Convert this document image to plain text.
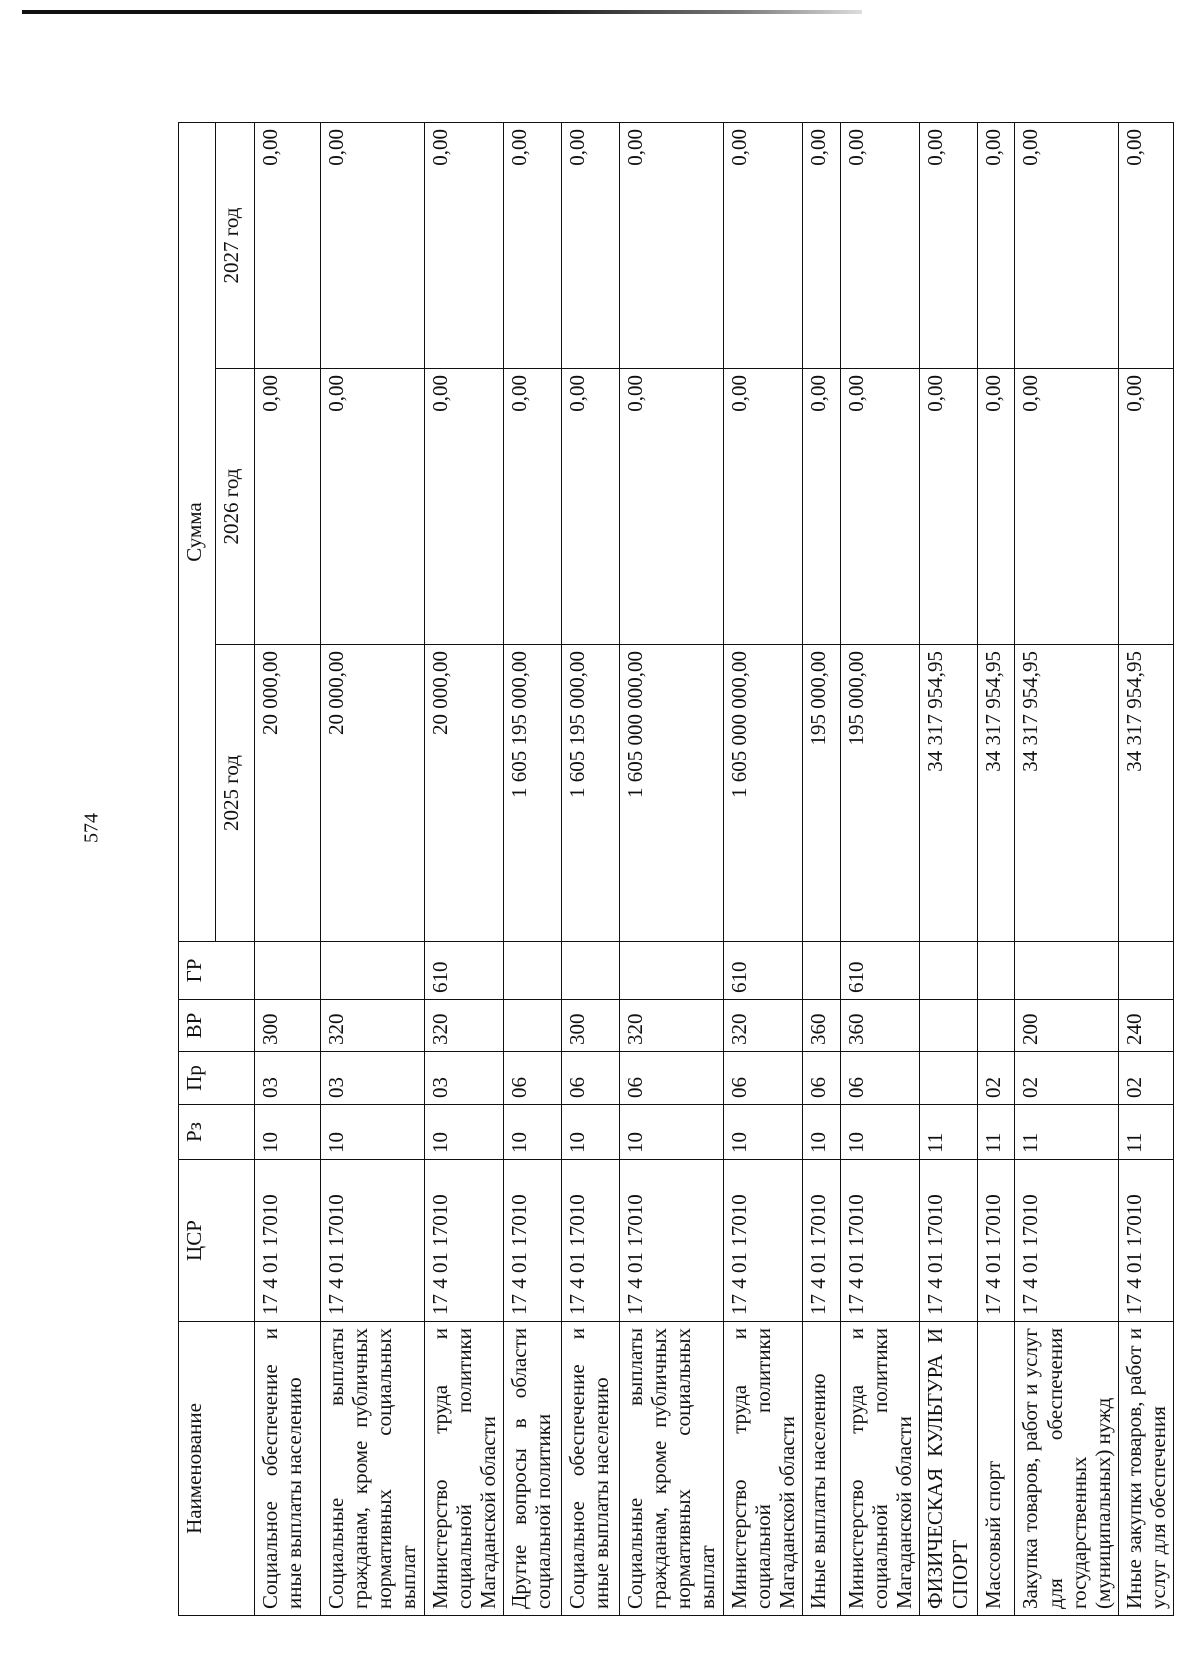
574
Наименование	ЦСР	Рз	Пр	ВР	ГР	Сумма		
						2025 год	2026 год	2027 год
Социальное обеспечение и иные выплаты населению	17 4 01 17010	10	03	300		20 000,00	0,00	0,00
Социальные выплаты гражданам, кроме публичных нормативных социальных выплат	17 4 01 17010	10	03	320		20 000,00	0,00	0,00
Министерство труда и социальной политики Магаданской области	17 4 01 17010	10	03	320	610	20 000,00	0,00	0,00
Другие вопросы в области социальной политики	17 4 01 17010	10	06			1 605 195 000,00	0,00	0,00
Социальное обеспечение и иные выплаты населению	17 4 01 17010	10	06	300		1 605 195 000,00	0,00	0,00
Социальные выплаты гражданам, кроме публичных нормативных социальных выплат	17 4 01 17010	10	06	320		1 605 000 000,00	0,00	0,00
Министерство труда и социальной политики Магаданской области	17 4 01 17010	10	06	320	610	1 605 000 000,00	0,00	0,00
Иные выплаты населению	17 4 01 17010	10	06	360		195 000,00	0,00	0,00
Министерство труда и социальной политики Магаданской области	17 4 01 17010	10	06	360	610	195 000,00	0,00	0,00
ФИЗИЧЕСКАЯ КУЛЬТУРА И СПОРТ	17 4 01 17010	11				34 317 954,95	0,00	0,00
Массовый спорт	17 4 01 17010	11	02			34 317 954,95	0,00	0,00
Закупка товаров, работ и услуг для обеспечения государственных (муниципальных) нужд	17 4 01 17010	11	02	200		34 317 954,95	0,00	0,00
Иные закупки товаров, работ и услуг для обеспечения	17 4 01 17010	11	02	240		34 317 954,95	0,00	0,00
